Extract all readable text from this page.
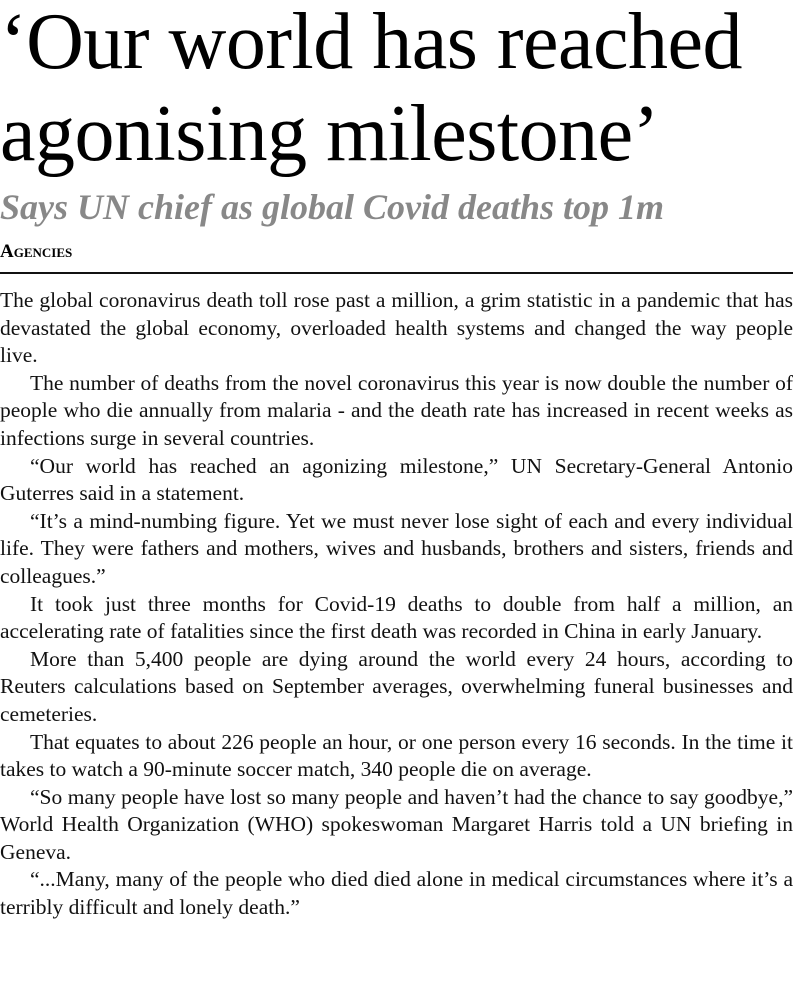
‘Our world has reached
agonising milestone’
Says UN chief as global Covid deaths top 1m
Agencies

The global coronavirus death toll rose past a million, a grim statistic in a pandemic that has devastated the global economy, overloaded health systems and changed the way people live.

The number of deaths from the novel coronavirus this year is now double the number of people who die annually from malaria - and the death rate has increased in recent weeks as infections surge in several countries.

“Our world has reached an agonizing milestone,” UN Secretary-General Antonio Guterres said in a statement.

“It’s a mind-numbing figure. Yet we must never lose sight of each and every individual life. They were fathers and mothers, wives and husbands, brothers and sisters, friends and colleagues.”

It took just three months for Covid-19 deaths to double from half a million, an accelerating rate of fatalities since the first death was recorded in China in early January.

More than 5,400 people are dying around the world every 24 hours, according to Reuters calculations based on September averages, overwhelming funeral businesses and cemeteries.

That equates to about 226 people an hour, or one person every 16 seconds. In the time it takes to watch a 90-minute soccer match, 340 people die on average.

“So many people have lost so many people and haven’t had the chance to say goodbye,” World Health Organization (WHO) spokeswoman Margaret Harris told a UN briefing in Geneva.

“...Many, many of the people who died died alone in medical circumstances where it’s a terribly difficult and lonely death.”
